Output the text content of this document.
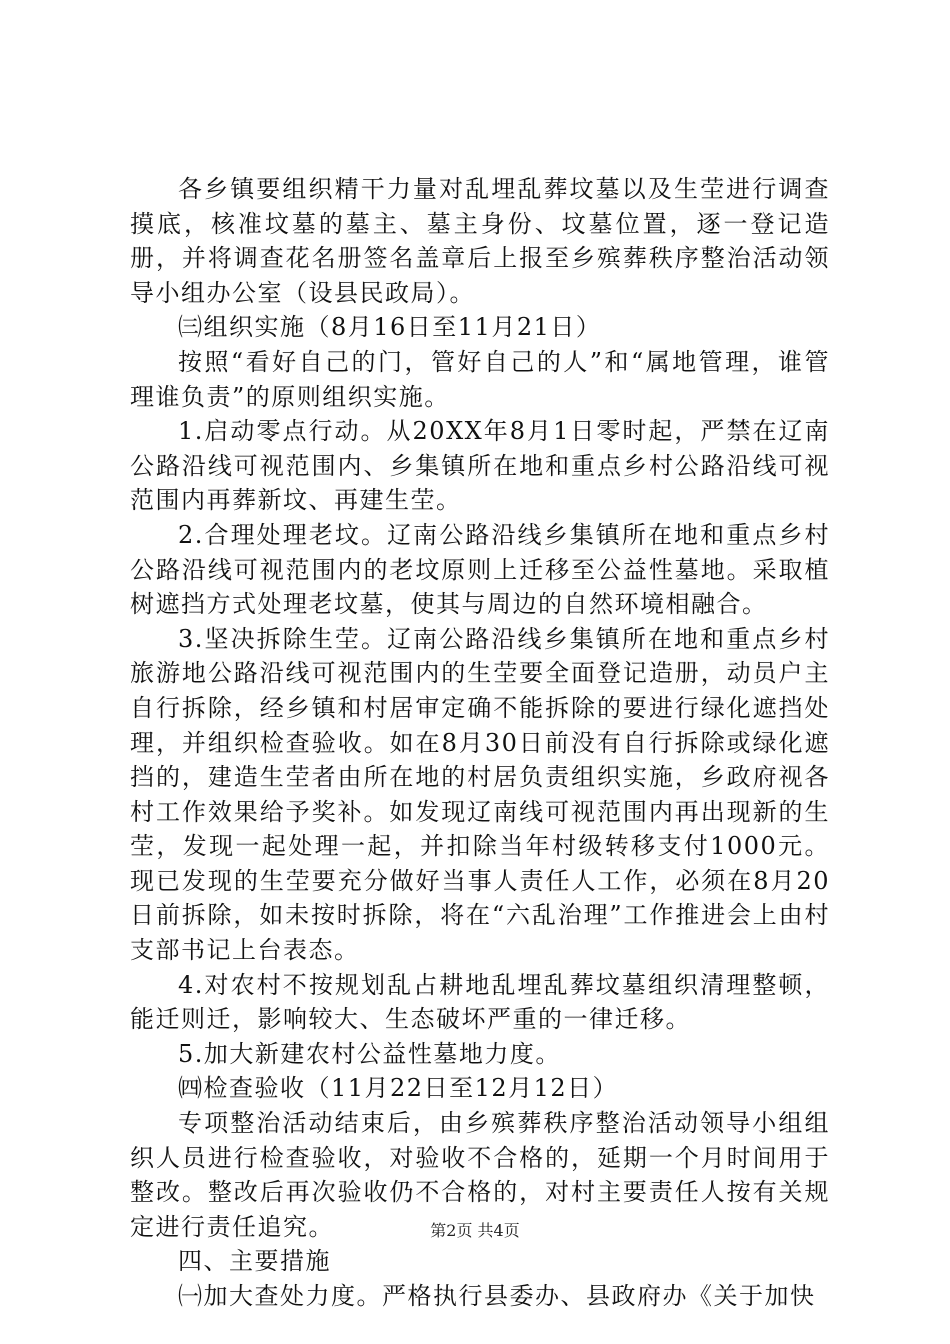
各乡镇要组织精干力量对乱埋乱葬坟墓以及生茔进行调查摸底，核准坟墓的墓主、墓主身份、坟墓位置，逐一登记造册，并将调查花名册签名盖章后上报至乡殡葬秩序整治活动领导小组办公室（设县民政局）。

㈢组织实施（8月16日至11月21日）

按照“看好自己的门，管好自己的人”和“属地管理，谁管理谁负责”的原则组织实施。

1.启动零点行动。从20XX年8月1日零时起，严禁在辽南公路沿线可视范围内、乡集镇所在地和重点乡村公路沿线可视范围内再葬新坟、再建生茔。

2.合理处理老坟。辽南公路沿线乡集镇所在地和重点乡村公路沿线可视范围内的老坟原则上迁移至公益性墓地。采取植树遮挡方式处理老坟墓，使其与周边的自然环境相融合。

3.坚决拆除生茔。辽南公路沿线乡集镇所在地和重点乡村旅游地公路沿线可视范围内的生茔要全面登记造册，动员户主自行拆除，经乡镇和村居审定确不能拆除的要进行绿化遮挡处理，并组织检查验收。如在8月30日前没有自行拆除或绿化遮挡的，建造生茔者由所在地的村居负责组织实施，乡政府视各村工作效果给予奖补。如发现辽南线可视范围内再出现新的生茔，发现一起处理一起，并扣除当年村级转移支付1000元。现已发现的生茔要充分做好当事人责任人工作，必须在8月20日前拆除，如未按时拆除，将在“六乱治理”工作推进会上由村支部书记上台表态。

4.对农村不按规划乱占耕地乱埋乱葬坟墓组织清理整顿，能迁则迁，影响较大、生态破坏严重的一律迁移。

5.加大新建农村公益性墓地力度。

㈣检查验收（11月22日至12月12日）

专项整治活动结束后，由乡殡葬秩序整治活动领导小组组织人员进行检查验收，对验收不合格的，延期一个月时间用于整改。整改后再次验收仍不合格的，对村主要责任人按有关规定进行责任追究。

四、主要措施

㈠加大查处力度。严格执行县委办、县政府办《关于加快

第2页 共4页
